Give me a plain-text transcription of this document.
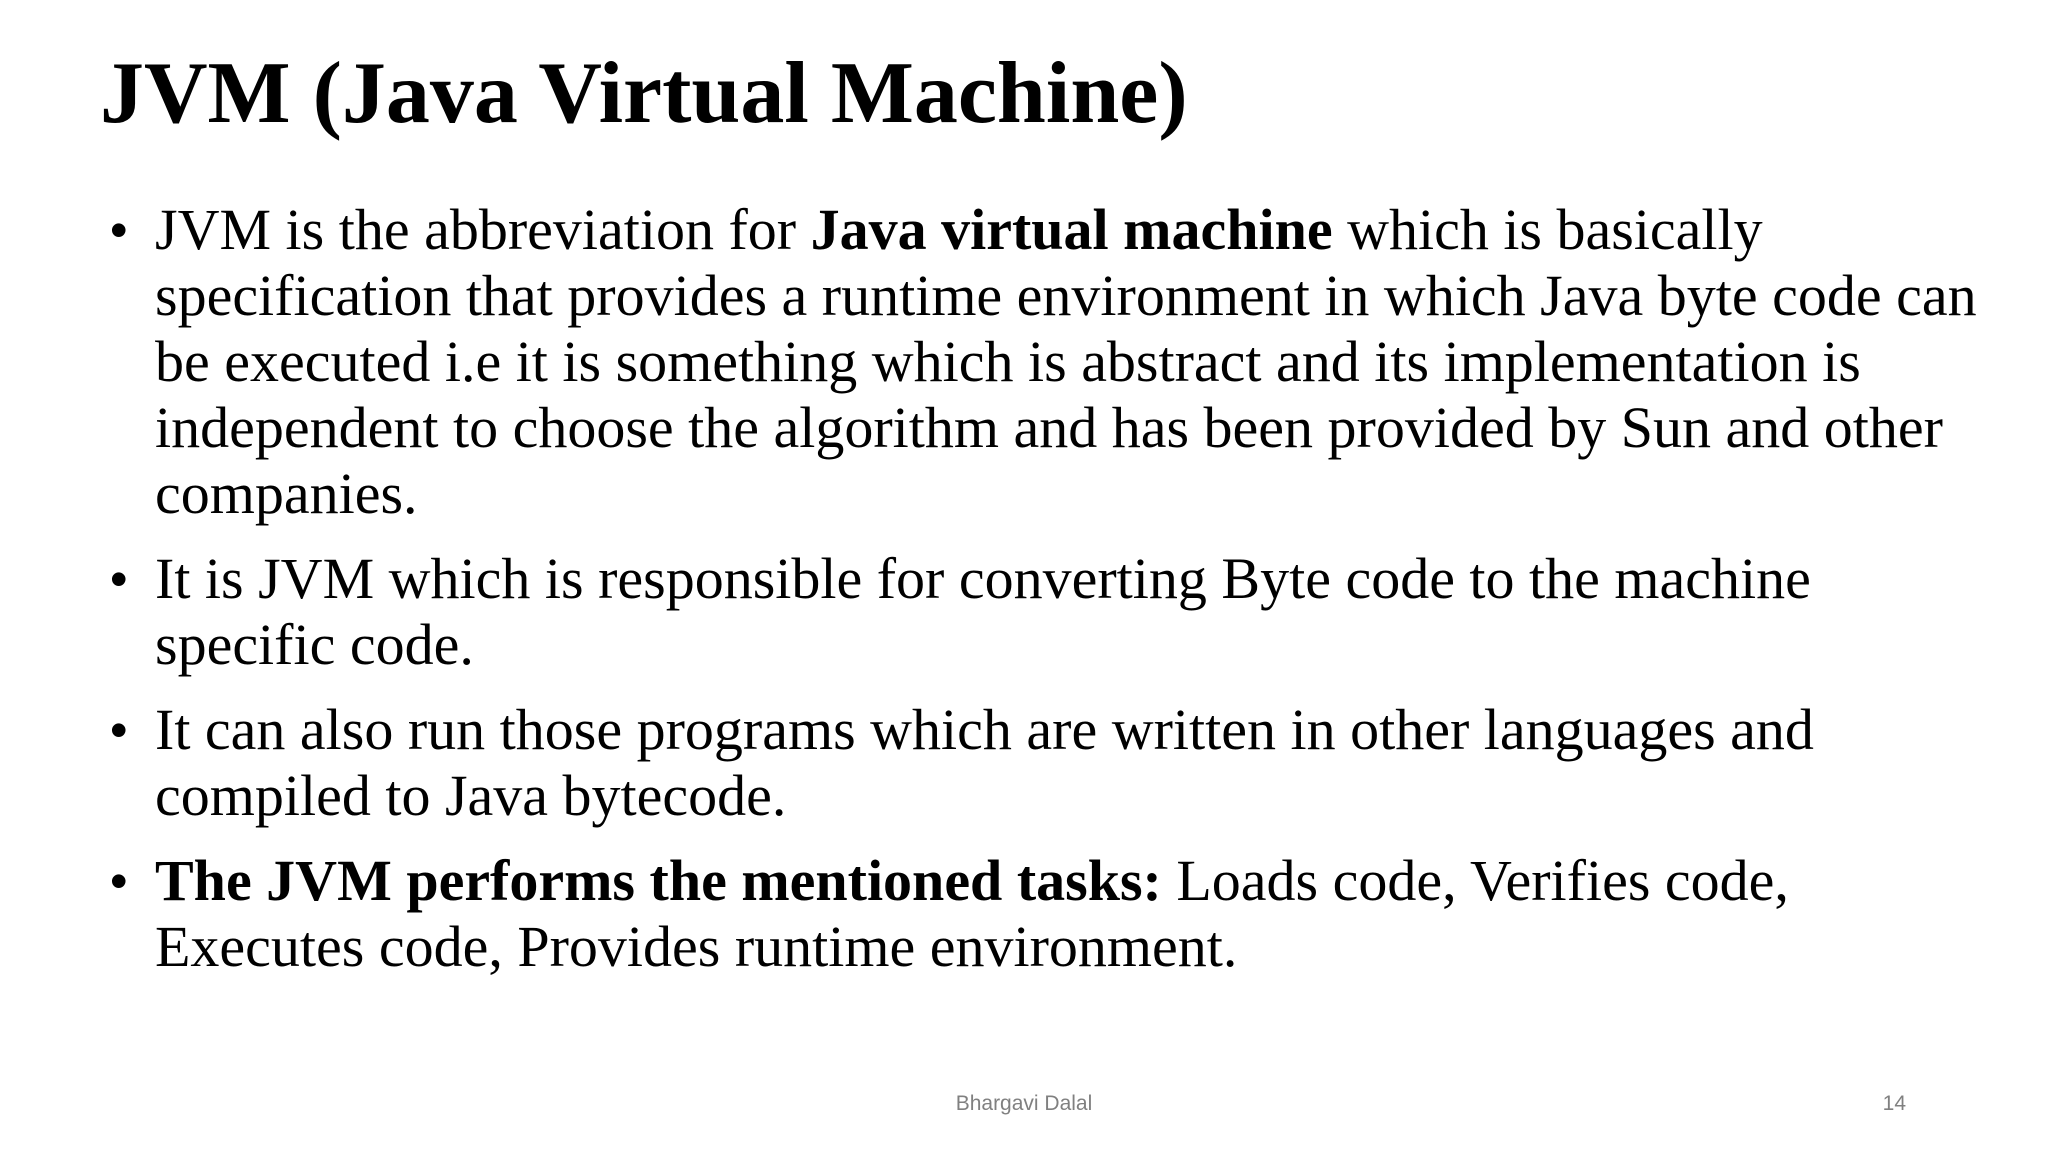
JVM (Java Virtual Machine)
• JVM is the abbreviation for Java virtual machine which is basically specification that provides a runtime environment in which Java byte code can be executed i.e it is something which is abstract and its implementation is independent to choose the algorithm and has been provided by Sun and other companies.
• It is JVM which is responsible for converting Byte code to the machine specific code.
• It can also run those programs which are written in other languages and compiled to Java bytecode.
• The JVM performs the mentioned tasks: Loads code, Verifies code, Executes code, Provides runtime environment.
Bhargavi Dalal	14
